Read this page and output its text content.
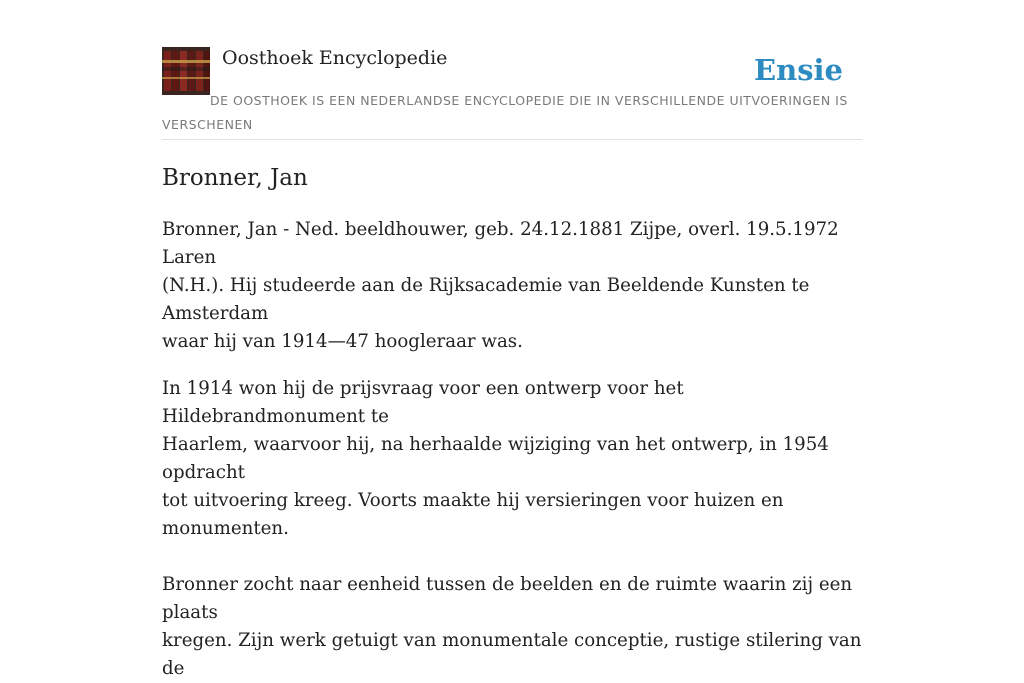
Oosthoek Encyclopedie	Ensie
DE OOSTHOEK IS EEN NEDERLANDSE ENCYCLOPEDIE DIE IN VERSCHILLENDE UITVOERINGEN IS VERSCHENEN
Bronner, Jan

Bronner, Jan - Ned. beeldhouwer, geb. 24.12.1881 Zijpe, overl. 19.5.1972 Laren
(N.H.). Hij studeerde aan de Rijksacademie van Beeldende Kunsten te Amsterdam
waar hij van 1914—47 hoogleraar was.

In 1914 won hij de prijsvraag voor een ontwerp voor het Hildebrandmonument te
Haarlem, waarvoor hij, na herhaalde wijziging van het ontwerp, in 1954 opdracht
tot uitvoering kreeg. Voorts maakte hij versieringen voor huizen en
monumenten.

Bronner zocht naar eenheid tussen de beelden en de ruimte waarin zij een plaats
kregen. Zijn werk getuigt van monumentale conceptie, rustige stilering van de
